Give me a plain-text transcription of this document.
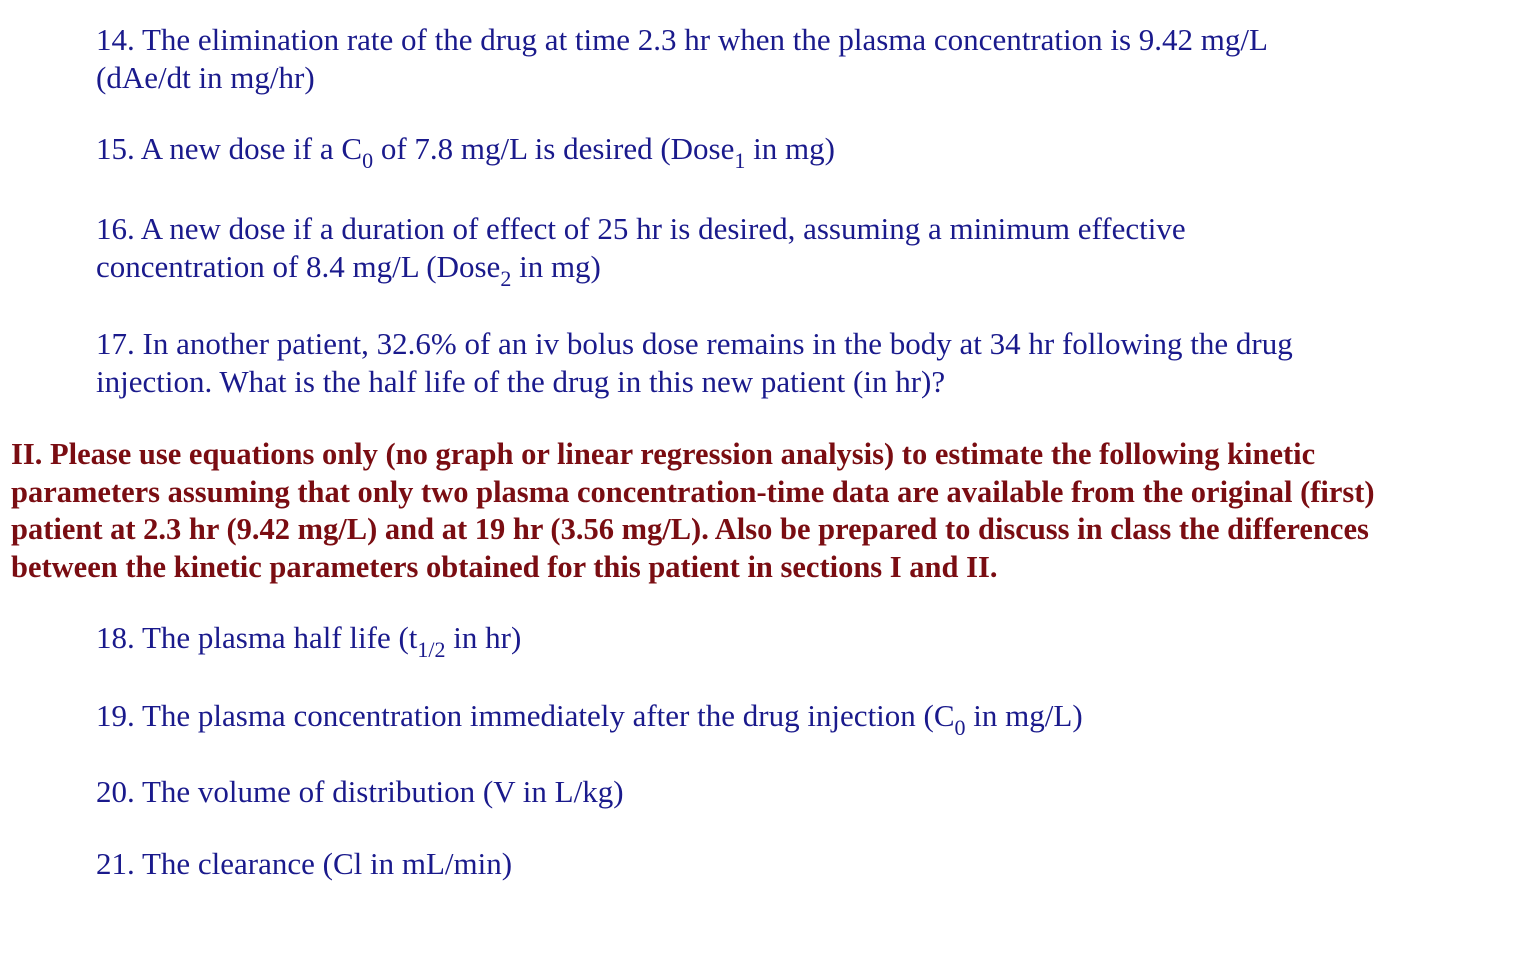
14. The elimination rate of the drug at time 2.3 hr when the plasma concentration is 9.42 mg/L
(dAe/dt in mg/hr)
15. A new dose if a $C_0$ of 7.8 mg/L is desired (Dose$_1$ in mg)
16. A new dose if a duration of effect of 25 hr is desired, assuming a minimum effective
concentration of 8.4 mg/L (Dose$_2$ in mg)
17. In another patient, 32.6% of an iv bolus dose remains in the body at 34 hr following the drug
injection. What is the half life of the drug in this new patient (in hr)?
II. Please use equations only (no graph or linear regression analysis) to estimate the following kinetic
parameters assuming that only two plasma concentration-time data are available from the original (first)
patient at 2.3 hr (9.42 mg/L) and at 19 hr (3.56 mg/L). Also be prepared to discuss in class the differences
between the kinetic parameters obtained for this patient in sections I and II.
18. The plasma half life ($t_{1/2}$ in hr)
19. The plasma concentration immediately after the drug injection ($C_0$ in mg/L)
20. The volume of distribution (V in L/kg)
21. The clearance (Cl in mL/min)
